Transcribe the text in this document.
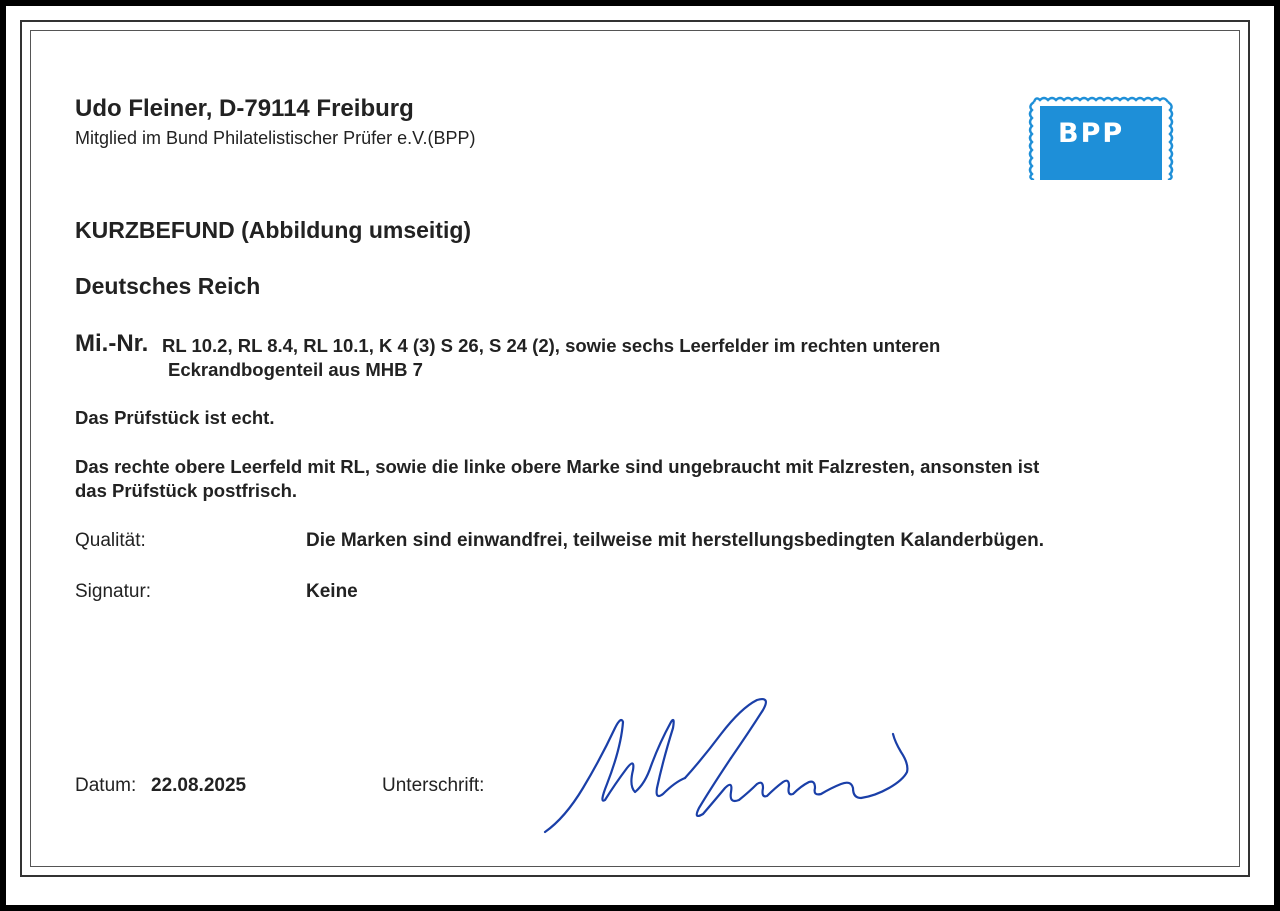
Udo Fleiner, D-79114 Freiburg
Mitglied im Bund Philatelistischer Prüfer e.V.(BPP)	BPP
KURZBEFUND (Abbildung umseitig)
Deutsches Reich
Mi.-Nr. RL 10.2, RL 8.4, RL 10.1, K 4 (3) S 26, S 24 (2), sowie sechs Leerfelder im rechten unteren
Eckrandbogenteil aus MHB 7
Das Prüfstück ist echt.
Das rechte obere Leerfeld mit RL, sowie die linke obere Marke sind ungebraucht mit Falzresten, ansonsten ist
das Prüfstück postfrisch.
Qualität:	Die Marken sind einwandfrei, teilweise mit herstellungsbedingten Kalanderbügen.
Signatur:	Keine
Datum: 22.08.2025	Unterschrift:
